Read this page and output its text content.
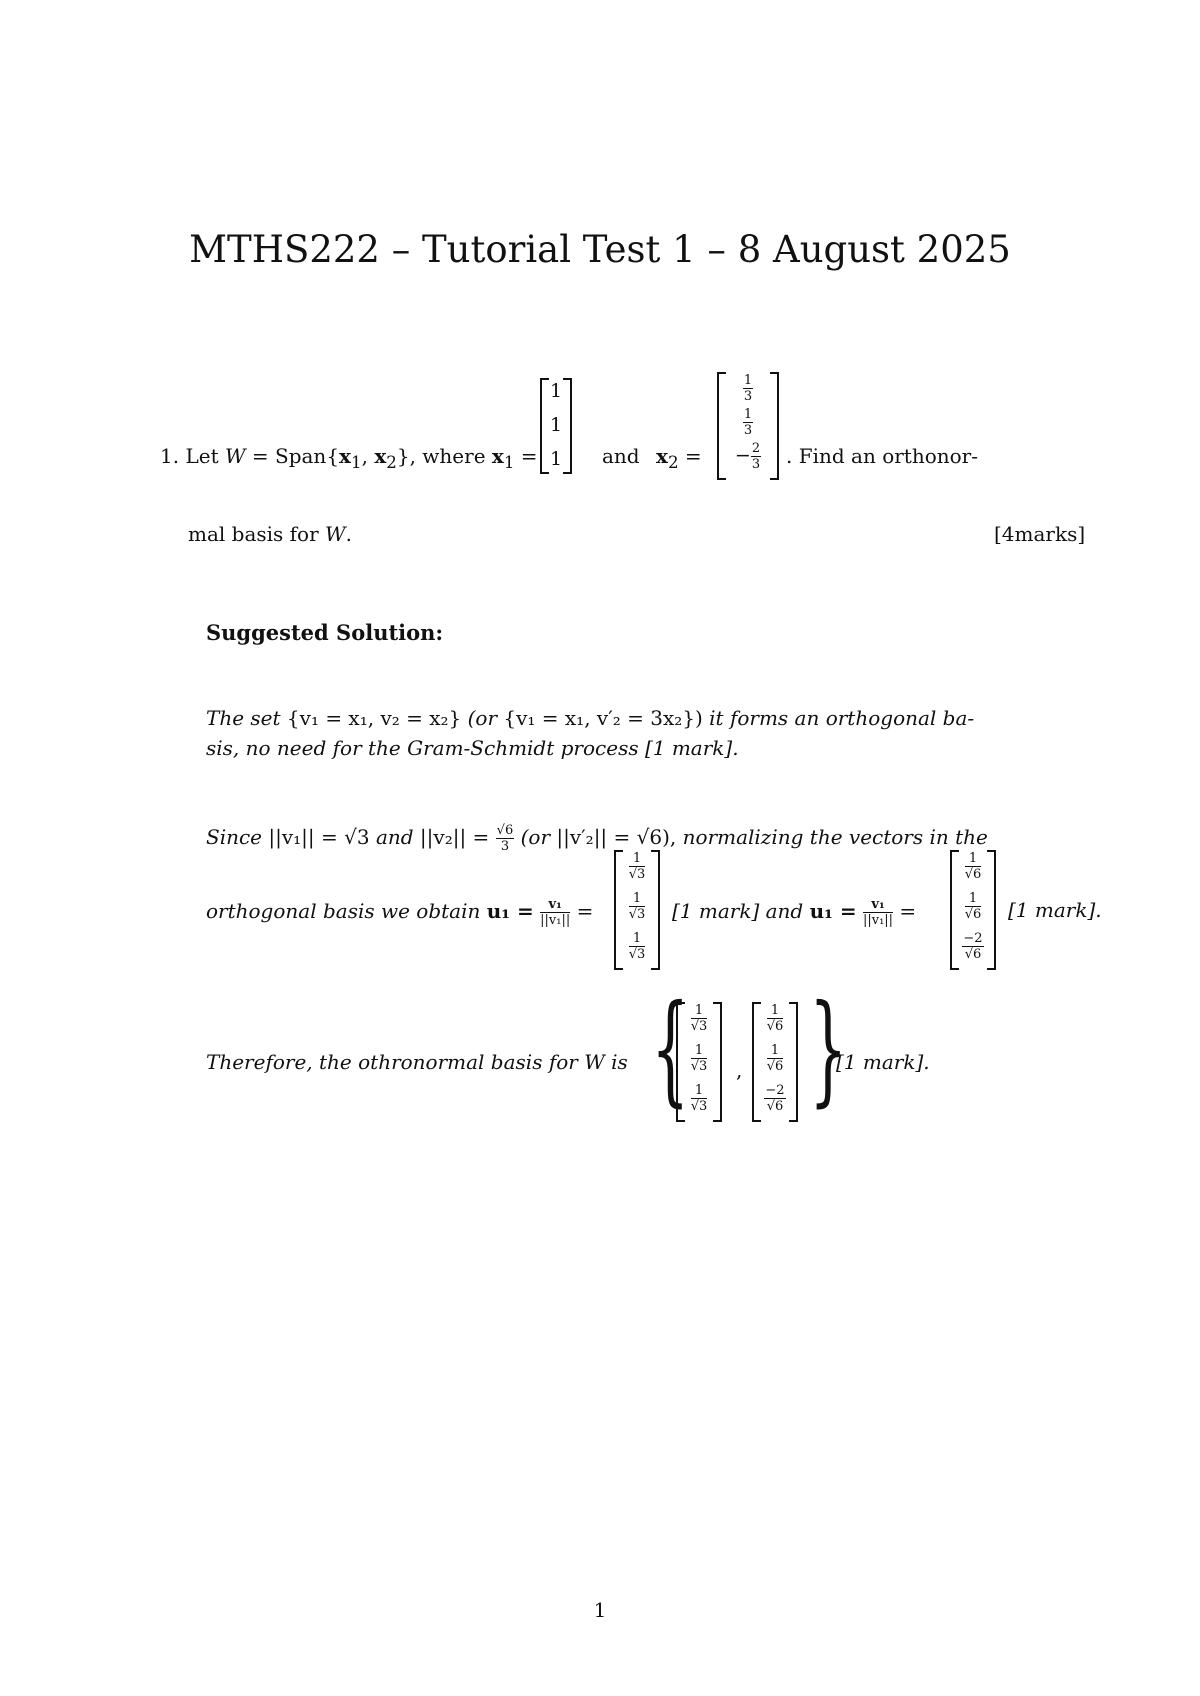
MTHS222 – Tutorial Test 1 – 8 August 2025
1. Let $W = Span\{x_1$, $x_2$}, where $x_1$ =
1
1
1	and $x_2$ =
$\frac{1}{3}$
$\frac{1}{3}$
− $\frac{2}{3}$ . Find an orthonor-
mal basis for W.	[4marks]
Suggested Solution:
The set {v₁ = x₁, v₂ = x₂} (or {v₁ = x₁, v′₂ = 3x₂}) it forms an orthogonal ba-
sis, no need for the Gram-Schmidt process [1 mark].
Since ||v₁|| = √3 and $||v_2|| = \frac{√6}{3} (or$ ||v′₂|| = √6), normalizing the vectors in the
orthogonal basis we obtain $u_1 = \frac{\text{v₁}}{\text{||v₁||}}$ =
$\frac{1}{√3}$
$\frac{1}{√3}$
$\frac{1}{√3}$
[1 mark] and $u_1 = \frac{\text{v₁}}{\text{||v₁||}}$ =
$\frac{1}{√6}$
$\frac{1}{√6}$
$\frac{-2}{√6}$
[1 mark].
Therefore, the othronormal basis for W is { $\frac{1}{√3}$
$\frac{1}{√3}$
$\frac{1}{√3}$
,
$\frac{1}{√6}$
$\frac{1}{√6}$
$\frac{-2}{√6}$ }
[1 mark].
1
